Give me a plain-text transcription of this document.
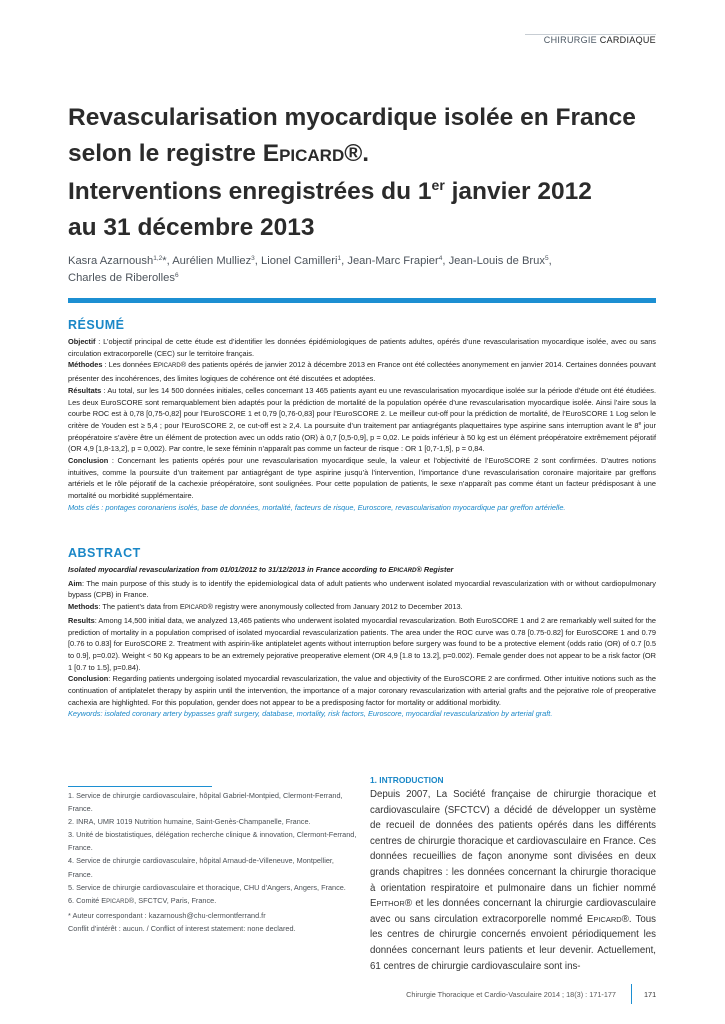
CHIRURGIE CARDIAQUE
Revascularisation myocardique isolée en France
selon le registre EPICARD®.
Interventions enregistrées du 1er janvier 2012
au 31 décembre 2013

Kasra Azarnoush$^{1,2}$*, Aurélien Mulliez$^3$, Lionel Camilleri$^1$, Jean-Marc Frapier$^4$, Jean-Louis de Brux$^5$,
Charles de Riberolles$^6$

RÉSUMÉ

Objectif : L’objectif principal de cette étude est d’identifier les données épidémiologiques de patients adultes, opérés d’une revascularisation myocardique isolée, avec ou sans circulation extracorporelle (CEC) sur le territoire français.

Méthodes : Les données EPICARD® des patients opérés de janvier 2012 à décembre 2013 en France ont été collectées anonymement en janvier 2014. Certaines données pouvant présenter des incohérences, des limites logiques de cohérence ont été discutées et adoptées.

Résultats : Au total, sur les 14 500 données initiales, celles concernant 13 465 patients ayant eu une revascularisation myocardique isolée sur la période d’étude ont été étudiées. Les deux EuroSCORE sont remarquablement bien adaptés pour la prédiction de mortalité de la population opérée d’une revascularisation myocardique isolée. Ainsi l’aire sous la courbe ROC est à 0,78 [0,75-0,82] pour l’EuroSCORE 1 et 0,79 [0,76-0,83] pour l’EuroSCORE 2. Le meilleur cut-off pour la prédiction de mortalité, de l’EuroSCORE 1 Log selon le critère de Youden est ≥ 5,4 ; pour l’EuroSCORE 2, ce cut-off est ≥ 2,4. La poursuite d’un traitement par antiagrégants plaquettaires type aspirine sans interruption avant le 8e jour préopératoire s’avère être un élément de protection avec un odds ratio (OR) à 0,7 [0,5-0,9], p = 0,02. Le poids inférieur à 50 kg est un élément préopératoire extrêmement péjoratif (OR 4,9 [1,8-13,2], p = 0,002). Par contre, le sexe féminin n’apparaît pas comme un facteur de risque : OR 1 [0,7-1,5], p = 0,84.

Conclusion : Concernant les patients opérés pour une revascularisation myocardique seule, la valeur et l’objectivité de l’EuroSCORE 2 sont confirmées. D’autres notions intuitives, comme la poursuite d’un traitement par antiagrégant de type aspirine jusqu’à l’intervention, l’importance d’une revascularisation coronaire majoritaire par greffons artériels et le rôle péjoratif de la cachexie préopératoire, sont soulignées. Pour cette population de patients, le sexe n’apparaît pas comme étant un facteur prédisposant à une mortalité ou morbidité supplémentaire.

Mots clés : pontages coronariens isolés, base de données, mortalité, facteurs de risque, Euroscore, revascularisation myocardique par greffon artérielle.

ABSTRACT

Isolated myocardial revascularization from 01/01/2012 to 31/12/2013 in France according to EPICARD® Register

Aim: The main purpose of this study is to identify the epidemiological data of adult patients who underwent isolated myocardial revascularization with or without cardiopulmonary bypass (CPB) in France.

Methods: The patient’s data from EPICARD® registry were anonymously collected from January 2012 to December 2013.

Results: Among 14,500 initial data, we analyzed 13,465 patients who underwent isolated myocardial revascularization. Both EuroSCORE 1 and 2 are remarkably well suited for the prediction of mortality in a population comprised of isolated myocardial revascularization patients. The area under the ROC curve was 0.78 [0.75-0.82] for EuroSCORE 1 and 0.79 [0.76 to 0.83] for EuroSCORE 2. Treatment with aspirin-like antiplatelet agents without interruption before surgery was found to be a protective element (odds ratio (OR) of 0.7 [0.5 to 0.9], p=0.02). Weight < 50 Kg appears to be an extremely pejorative preoperative element (OR 4,9 [1.8 to 13.2], p=0.002). Female gender does not appear to be a risk factor (OR 1 [0.7 to 1.5], p=0.84).

Conclusion: Regarding patients undergoing isolated myocardial revascularization, the value and objectivity of the EuroSCORE 2 are confirmed. Other intuitive notions such as the continuation of antiplatelet therapy by aspirin until the intervention, the importance of a major coronary revascularization with arterial grafts and the pejorative role of preoperative cachexia are highlighted. For this population, gender does not appear to be a predisposing factor for mortality or additional morbidity.

Keywords: isolated coronary artery bypasses graft surgery, database, mortality, risk factors, Euroscore, myocardial revascularization by arterial graft.

1. Service de chirurgie cardiovasculaire, hôpital Gabriel-Montpied, Clermont-Ferrand, France.
2. INRA, UMR 1019 Nutrition humaine, Saint-Genès-Champanelle, France.
3. Unité de biostatistiques, délégation recherche clinique & innovation, Clermont-Ferrand, France.
4. Service de chirurgie cardiovasculaire, hôpital Arnaud-de-Villeneuve, Montpellier, France.
5. Service de chirurgie cardiovasculaire et thoracique, CHU d’Angers, Angers, France.
6. Comité EPICARD®, SFCTCV, Paris, France.
* Auteur correspondant : kazarnoush@chu-clermontferrand.fr
Conflit d’intérêt : aucun. / Conflict of interest statement: none declared.
1. INTRODUCTION

Depuis 2007, La Société française de chirurgie thoracique et cardiovasculaire (SFCTCV) a décidé de développer un système de recueil de données des patients opérés dans les différents centres de chirurgie thoracique et cardiovasculaire en France. Ces données recueillies de façon anonyme sont divisées en deux grands chapitres : les données concernant la chirurgie thoracique à orientation respiratoire et pulmonaire dans un fichier nommé EPITHOR® et les données concernant la chirurgie cardiovasculaire avec ou sans circulation extracorporelle nommé EPICARD®. Tous les centres de chirurgie concernés envoient périodiquement les données concernant leurs patients et leur devenir. Actuellement, 61 centres de chirurgie cardiovasculaire sont ins-

Chirurgie Thoracique et Cardio-Vasculaire 2014 ; 18(3) : 171-177	171
